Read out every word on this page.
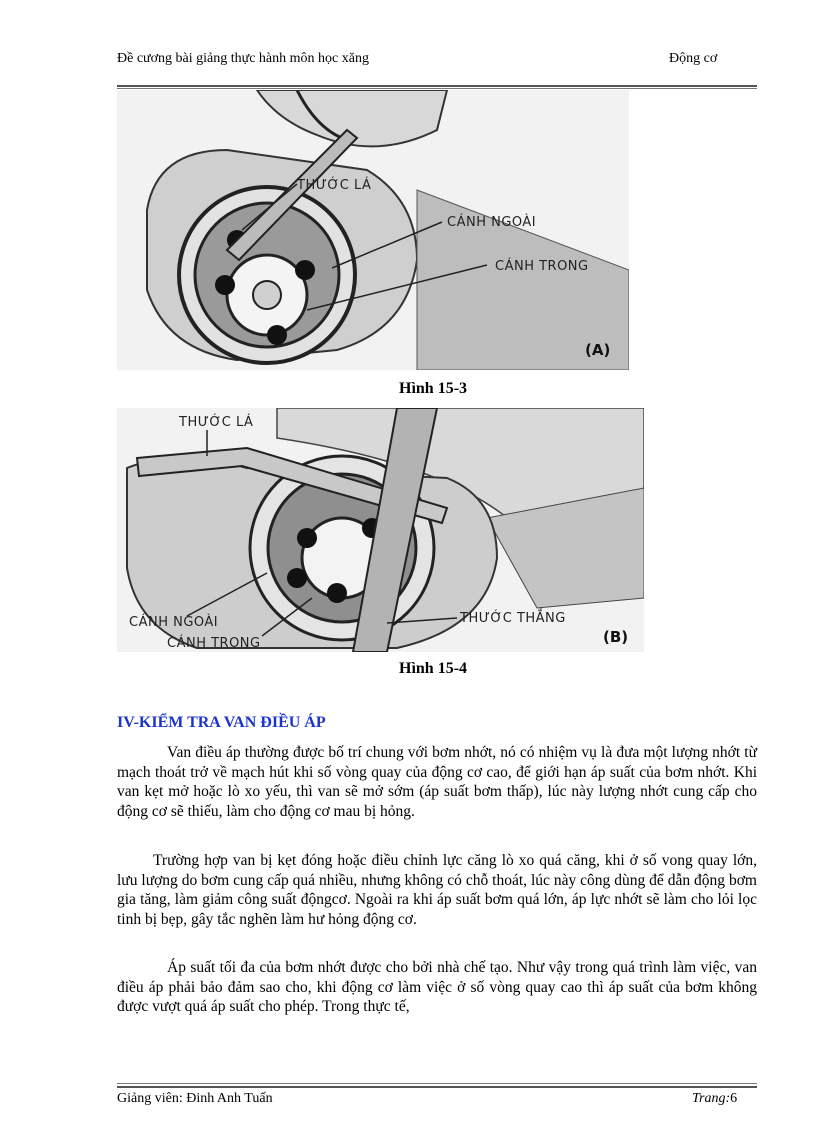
Đề cương bài giảng thực hành môn học xăng	Động cơ
THƯỚC LÁ
CÁNH NGOÀI
CÁNH TRONG
(A)
Hình 15-3
THƯỚC LÁ
CÁNH NGOÀI
CÁNH TRONG
THƯỚC THẲNG
(B)
Hình 15-4
IV-KIỂM TRA VAN ĐIỀU ÁP
Van điều áp thường được bố trí chung với bơm nhớt, nó có nhiệm vụ là đưa một lượng nhớt từ mạch thoát trở về mạch hút khi số vòng quay của động cơ cao, để giới hạn áp suất của bơm nhớt. Khi van kẹt mở hoặc lò xo yếu, thì van sẽ mở sớm (áp suất bơm thấp), lúc này lượng nhớt cung cấp cho động cơ sẽ thiếu, làm cho động cơ mau bị hỏng.
Trường hợp van bị kẹt đóng hoặc điều chỉnh lực căng lò xo quá căng, khi ở số vong quay lớn, lưu lượng do bơm cung cấp quá nhiều, nhưng không có chỗ thoát, lúc này công dùng để dẫn động bơm gia tăng, làm giảm công suất độngcơ. Ngoài ra khi áp suất bơm quá lớn, áp lực nhớt sẽ làm cho lỏi lọc tinh bị bẹp, gây tắc nghẽn làm hư hỏng động cơ.
Áp suất tối đa của bơm nhớt được cho bởi nhà chế tạo. Như vậy trong quá trình làm việc, van điều áp phải bảo đảm sao cho, khi động cơ làm việc ở số vòng quay cao thì áp suất của bơm không được vượt quá áp suất cho phép. Trong thực tế,
Giảng viên: Đinh Anh Tuấn	Trang:6
